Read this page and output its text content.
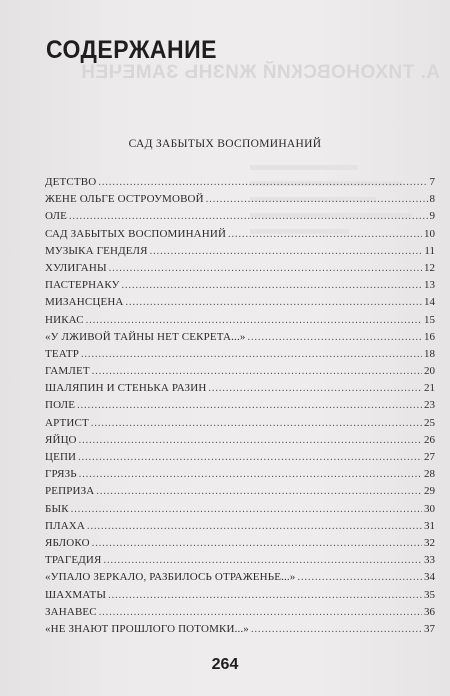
А. ТИХОНОВСКИЙ ЖИЗНЬ ЗАМЕЧЕН
СОДЕРЖАНИЕ
САД ЗАБЫТЫХ ВОСПОМИНАНИЙ
ДЕТСТВО .....	7
ЖЕНЕ ОЛЬГЕ ОСТРОУМОВОЙ .....	8
ОЛЕ .....	9
САД ЗАБЫТЫХ ВОСПОМИНАНИЙ .....	10
МУЗЫКА ГЕНДЕЛЯ .....	11
ХУЛИГАНЫ .....	12
ПАСТЕРНАКУ .....	13
МИЗАНСЦЕНА .....	14
НИКАС .....	15
«У ЛЖИВОЙ ТАЙНЫ НЕТ СЕКРЕТА...» .....	16
ТЕАТР .....	18
ГАМЛЕТ .....	20
ШАЛЯПИН И СТЕНЬКА РАЗИН .....	21
ПОЛЕ .....	23
АРТИСТ .....	25
ЯЙЦО .....	26
ЦЕПИ .....	27
ГРЯЗЬ .....	28
РЕПРИЗА .....	29
БЫК .....	30
ПЛАХА .....	31
ЯБЛОКО .....	32
ТРАГЕДИЯ .....	33
«УПАЛО ЗЕРКАЛО, РАЗБИЛОСЬ ОТРАЖЕНЬЕ...» .....	34
ШАХМАТЫ .....	35
ЗАНАВЕС .....	36
«НЕ ЗНАЮТ ПРОШЛОГО ПОТОМКИ...» .....	37
264
